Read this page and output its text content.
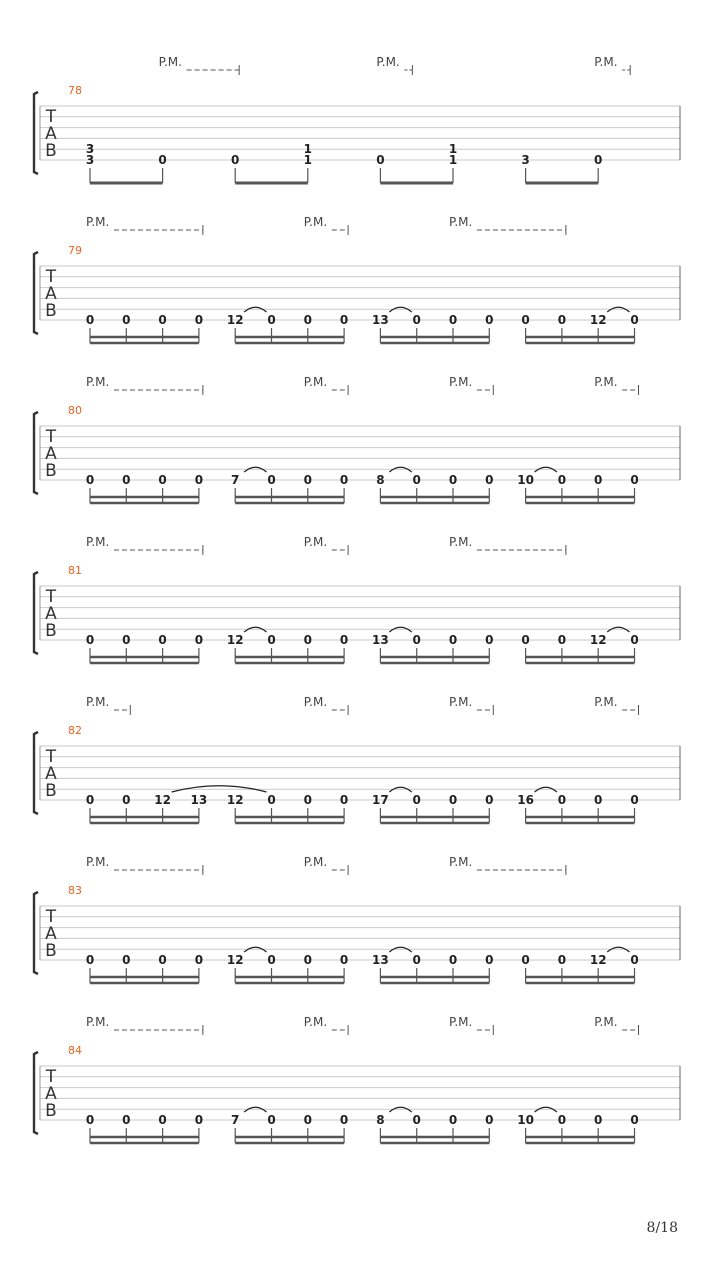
T
A
B
78
P.M.	P.M.	P.M.
3
3	0	0
1
1	0
1
1	3	0
T
A
B
79
P.M.	P.M.	P.M.
0 0 0 0 12 0 0 0 13 0 0 0 0 0 12 0
T
A
B
80
P.M.	P.M.	P.M.	P.M.
0 0 0 0 7 0 0 0 8 0 0 0 10 0 0 0
T
A
B
81
P.M.	P.M.	P.M.
0 0 0 0 12 0 0 0 13 0 0 0 0 0 12 0
T
A
B
82
P.M.	P.M.	P.M.	P.M.
0 0 12 13 12 0 0 0 17 0 0 0 16 0 0 0
T
A
B
83
P.M.	P.M.	P.M.
0 0 0 0 12 0 0 0 13 0 0 0 0 0 12 0
T
A
B
84
P.M.	P.M.	P.M.	P.M.
0 0 0 0 7 0 0 0 8 0 0 0 10 0 0 0
8/18
